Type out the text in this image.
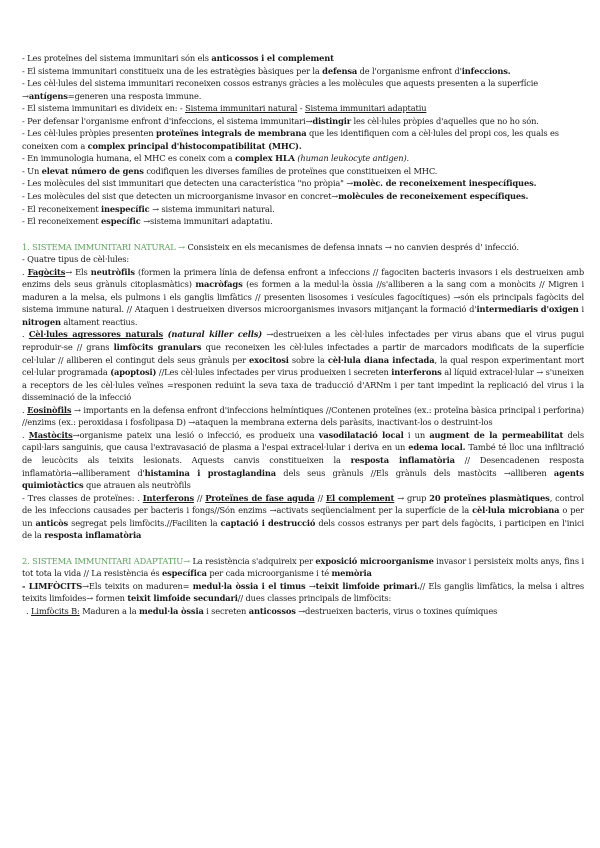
- Les proteïnes del sistema immunitari són els anticossos i el complement
- El sistema immunitari constitueix una de les estratègies bàsiques per la defensa de l'organisme enfront d'infeccions.
- Les cèl·lules del sistema immunitari reconeixen cossos estranys gràcies a les molècules que aquests presenten a la superfície
→antígens=generen una resposta immune.
- El sistema immunitari es divideix en: - Sistema immunitari natural - Sistema immunitari adaptatiu
- Per defensar l'organisme enfront d'infeccions, el sistema immunitari→distingir les cèl·lules pròpies d'aquelles que no ho són.
- Les cèl·lules pròpies presenten proteïnes integrals de membrana que les identifiquen com a cèl·lules del propi cos, les quals es
coneixen com a complex principal d'histocompatibilitat (MHC).
- En immunologia humana, el MHC es coneix com a complex HLA (human leukocyte antigen).
- Un elevat número de gens codifiquen les diverses famílies de proteïnes que constitueixen el MHC.
- Les molècules del sist immunitari que detecten una característica "no pròpia" →molèc. de reconeixement inespecífiques.
- Les molècules del sist que detecten un microorganisme invasor en concret→molècules de reconeixement específiques.
- El reconeixement inespecífic → sistema immunitari natural.
- El reconeixement específic →sistema immunitari adaptatiu.
1. SISTEMA IMMUNITARI NATURAL → Consisteix en els mecanismes de defensa innats → no canvien després d' infecció.
- Quatre tipus de cèl·lules:
. Fagòcits→ Els neutròfils (formen la primera línia de defensa enfront a infeccions // fagociten bacteris invasors i els destrueixen amb enzims dels seus grànuls citoplasmàtics) macròfags (es formen a la medul·la òssia //s'alliberen a la sang com a monòcits // Migren i maduren a la melsa, els pulmons i els ganglis limfàtics // presenten lisosomes i vesícules fagocítiques) →són els principals fagòcits del sistema immune natural. // Ataquen i destrueixen diversos microorganismes invasors mitjançant la formació d'intermediaris d'oxigen i nitrogen altament reactius.
. Cèl·lules agressores naturals (natural killer cells) →destrueixen a les cèl·lules infectades per virus abans que el virus pugui reproduir-se // grans limfòcits granulars que reconeixen les cèl·lules infectades a partir de marcadors modificats de la superfície cel·lular // alliberen el contingut dels seus grànuls per exocitosi sobre la cèl·lula diana infectada, la qual respon experimentant mort cel·lular programada (apoptosi) //Les cèl·lules infectades per virus produeixen i secreten interferons al líquid extracel·lular → s'uneixen a receptors de les cèl·lules veïnes =responen reduint la seva taxa de traducció d'ARNm i per tant impedint la replicació del virus i la disseminació de la infecció
. Eosinòfils → importants en la defensa enfront d'infeccions helmíntiques //Contenen proteïnes (ex.: proteïna bàsica principal i perforina) //enzims (ex.: peroxidasa i fosfolipasa D) →ataquen la membrana externa dels paràsits, inactivant-los o destruint-los
. Mastòcits→organisme pateix una lesió o infecció, es produeix una vasodilatació local i un augment de la permeabilitat dels capil·lars sanguinis, que causa l'extravasació de plasma a l'espai extracel·lular i deriva en un edema local. També té lloc una infiltració de leucòcits als teixits lesionats. Aquests canvis constitueixen la resposta inflamatòria // Desencadenen resposta inflamatòria→alliberament d'histamina i prostaglandina dels seus grànuls //Els grànuls dels mastòcits →alliberen agents quimiotàctics que atrauen als neutròfils
- Tres classes de proteïnes: . Interferons // Proteïnes de fase aguda // El complement → grup 20 proteïnes plasmàtiques, control de les infeccions causades per bacteris i fongs//Són enzims →activats seqüencialment per la superfície de la cèl·lula microbiana o per un anticòs segregat pels limfòcits.//Faciliten la captació i destrucció dels cossos estranys per part dels fagòcits, i participen en l'inici de la resposta inflamatòria
2. SISTEMA IMMUNITARI ADAPTATIU→ La resistència s'adquireix per exposició microorganisme invasor i persisteix molts anys, fins i tot tota la vida // La resistència és específica per cada microorganisme i té memòria
- LIMFÒCITS→Els teixits on maduren= medul·la òssia i el timus →teixit limfoide primari.// Els ganglis limfàtics, la melsa i altres teixits limfoides→ formen teixit limfoide secundari// dues classes principals de limfòcits:
. Limfòcits B: Maduren a la medul·la òssia i secreten anticossos →destrueixen bacteris, virus o toxines químiques
